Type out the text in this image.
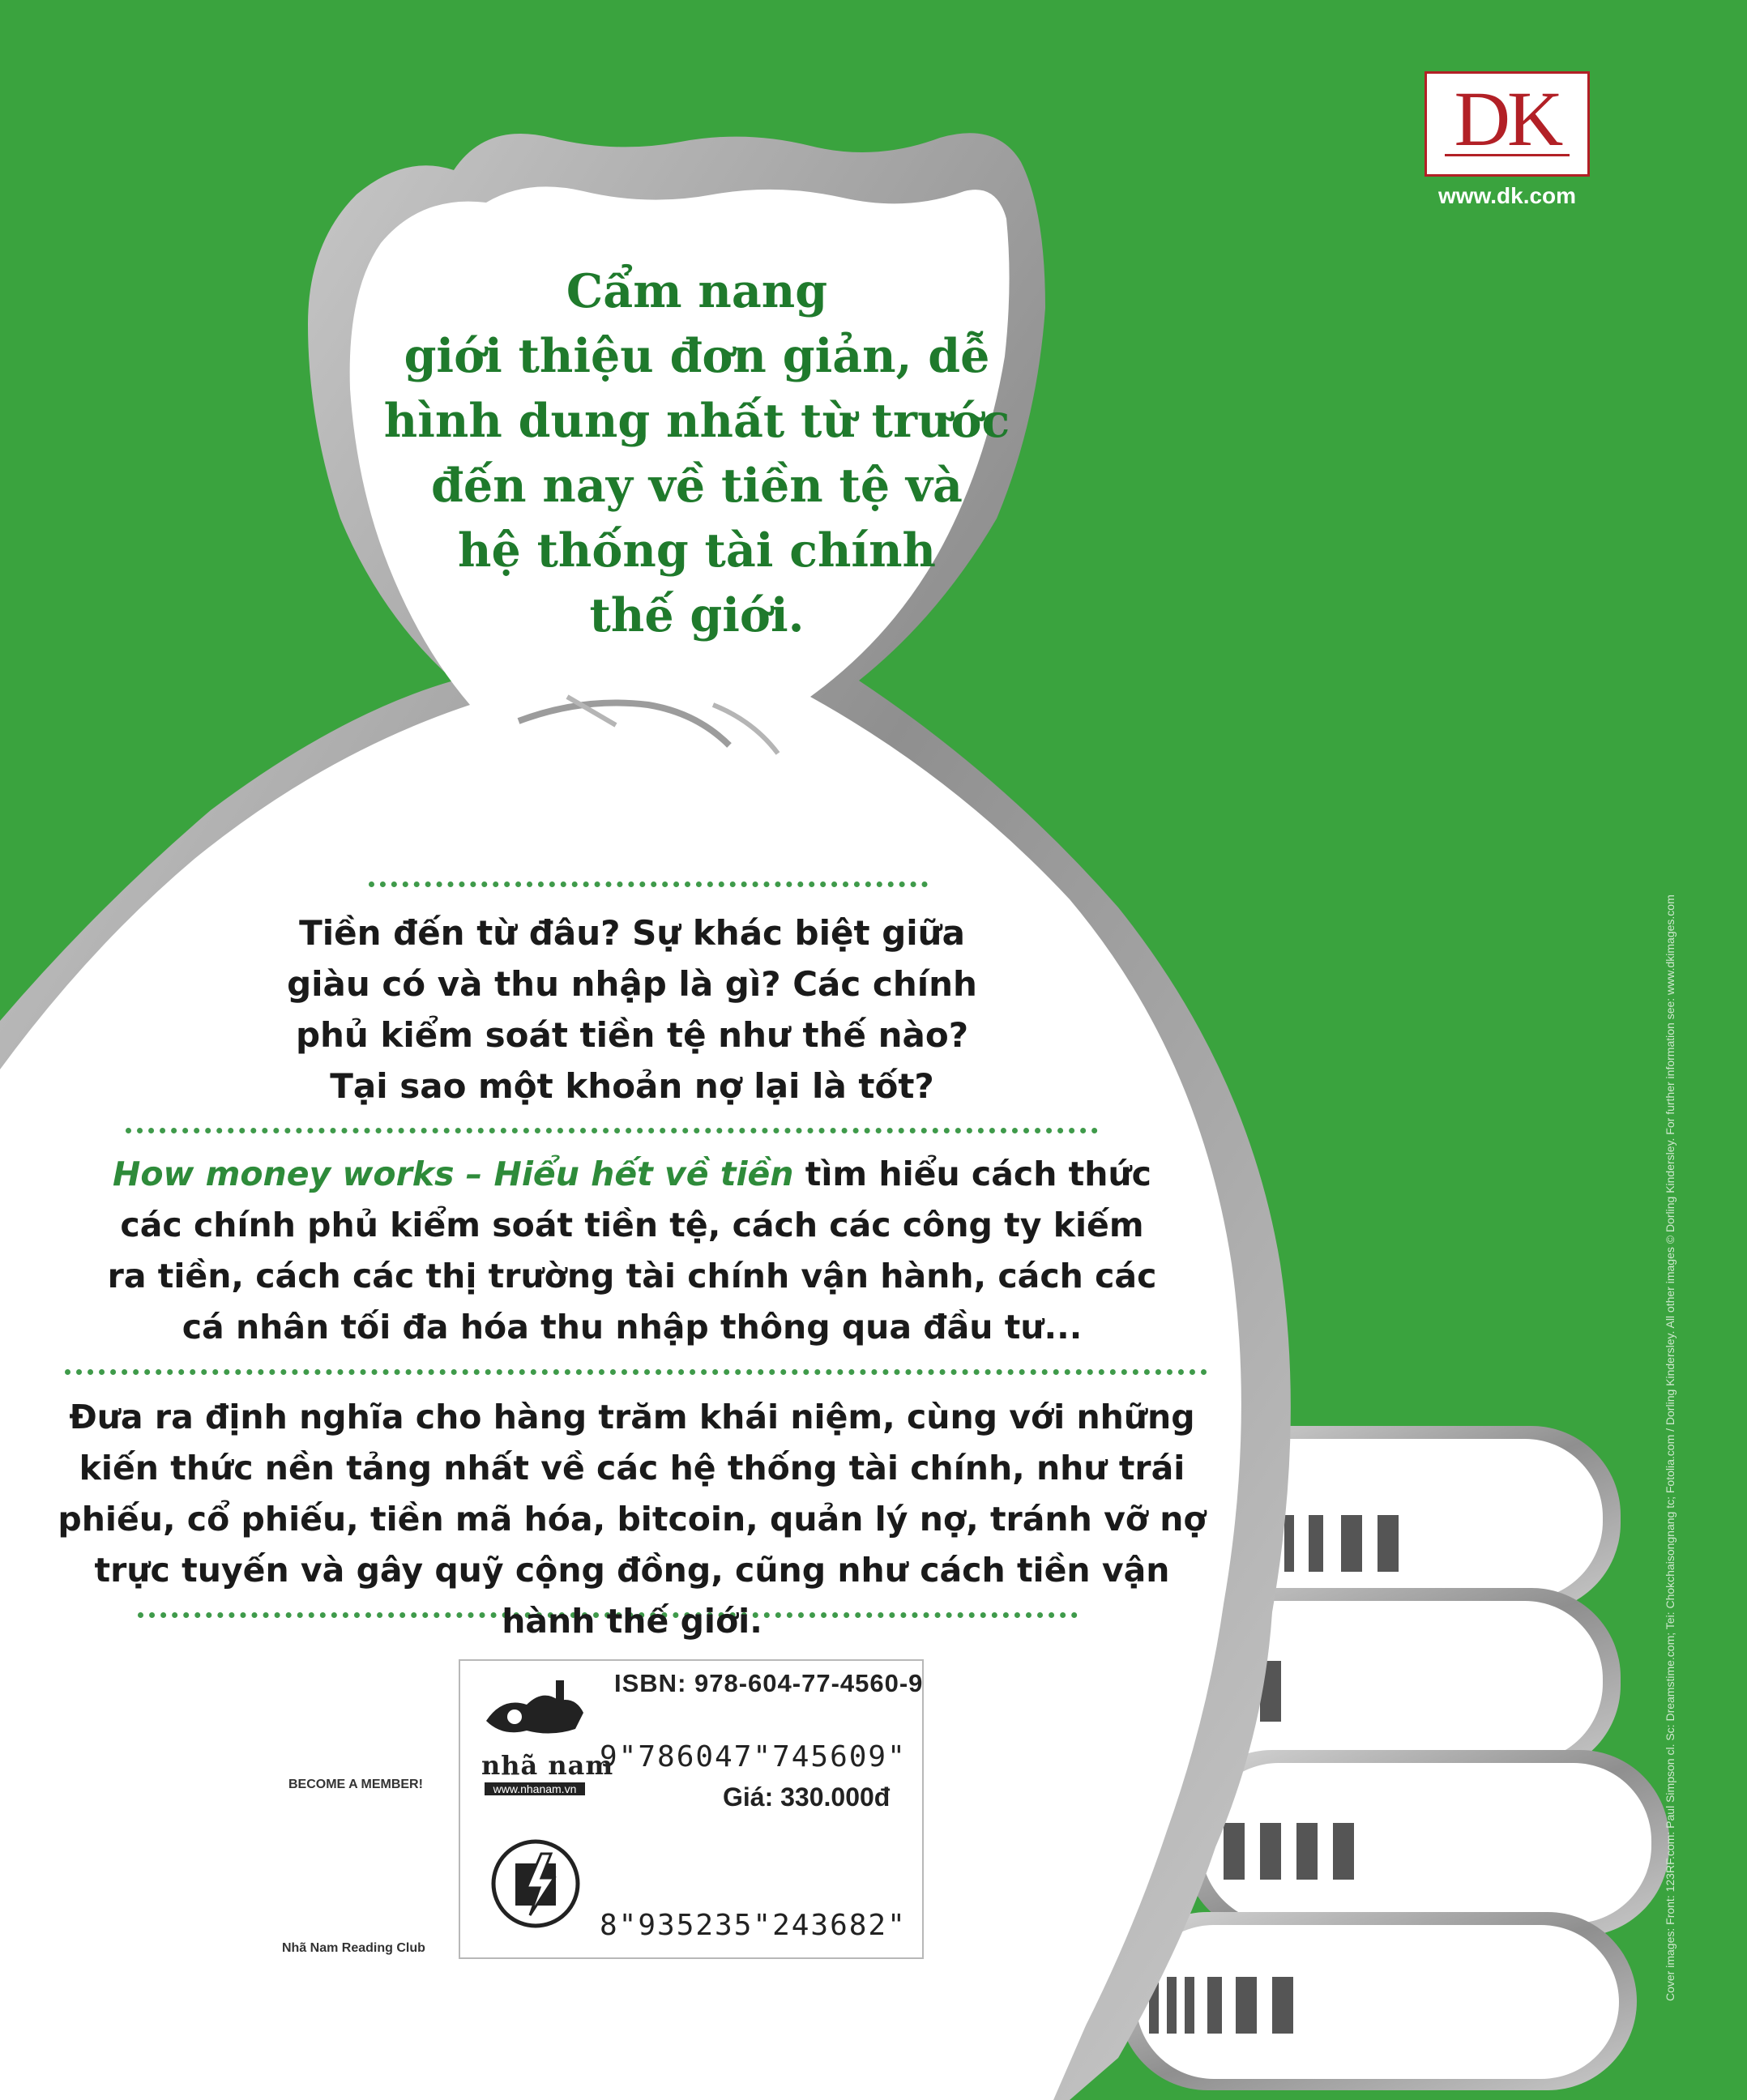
DK
www.dk.com
Cẩm nang
giới thiệu đơn giản, dễ
hình dung nhất từ trước
đến nay về tiền tệ và
hệ thống tài chính
thế giới.
Tiền đến từ đâu? Sự khác biệt giữa giàu có và thu nhập là gì? Các chính phủ kiểm soát tiền tệ như thế nào? Tại sao một khoản nợ lại là tốt?
How money works – Hiểu hết về tiền tìm hiểu cách thức các chính phủ kiểm soát tiền tệ, cách các công ty kiếm ra tiền, cách các thị trường tài chính vận hành, cách các cá nhân tối đa hóa thu nhập thông qua đầu tư...
Đưa ra định nghĩa cho hàng trăm khái niệm, cùng với những kiến thức nền tảng nhất về các hệ thống tài chính, như trái phiếu, cổ phiếu, tiền mã hóa, bitcoin, quản lý nợ, tránh vỡ nợ trực tuyến và gây quỹ cộng đồng, cũng như cách tiền vận hành thế giới.
nhã nam
www.nhanam.vn
ISBN: 978-604-77-4560-9
9"786047"745609"
Giá: 330.000đ
8"935235"243682"
BECOME A MEMBER!
Nhã Nam Reading Club	Cover images: Front: 123RF.com: Paul Simpson cl. Sc: Dreamstime.com; Tei: Chokchaisongnang tc; Fotolia.com / Dorling Kindersley. All other images © Dorling Kindersley. For further information see: www.dkimages.com
